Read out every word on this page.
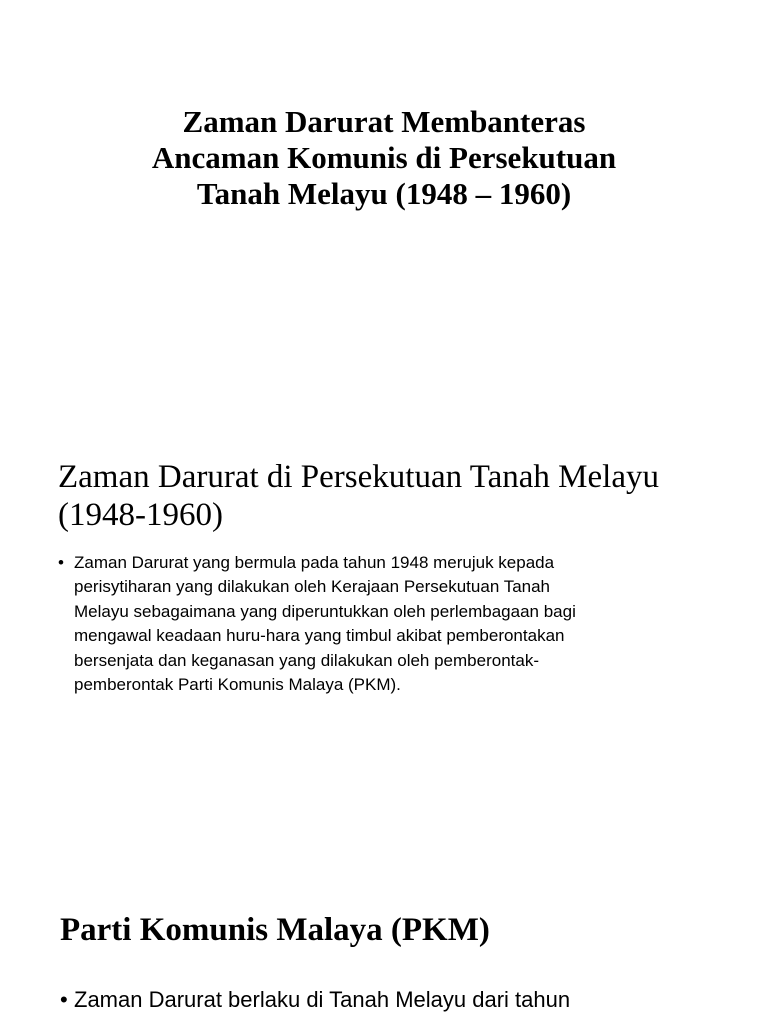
Zaman Darurat Membanteras
Ancaman Komunis di Persekutuan
Tanah Melayu (1948 – 1960)
Zaman Darurat di Persekutuan Tanah Melayu
(1948-1960)
• Zaman Darurat yang bermula pada tahun 1948 merujuk kepada
perisytiharan yang dilakukan oleh Kerajaan Persekutuan Tanah
Melayu sebagaimana yang diperuntukkan oleh perlembagaan bagi
mengawal keadaan huru-hara yang timbul akibat pemberontakan
bersenjata dan keganasan yang dilakukan oleh pemberontak-
pemberontak Parti Komunis Malaya (PKM).
Parti Komunis Malaya (PKM)
• Zaman Darurat berlaku di Tanah Melayu dari tahun
